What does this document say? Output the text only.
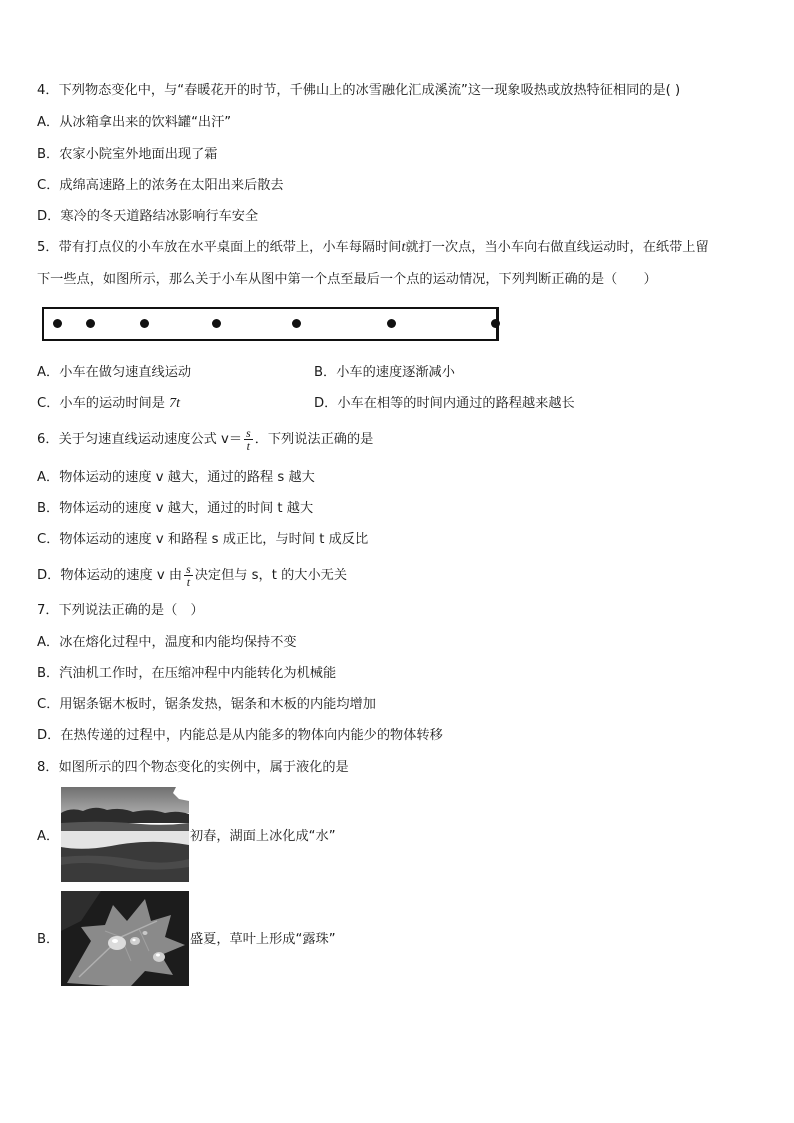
4．下列物态变化中，与“春暖花开的时节，千佛山上的冰雪融化汇成溪流”这一现象吸热或放热特征相同的是( )
A．从冰箱拿出来的饮料罐“出汗”
B．农家小院室外地面出现了霜
C．成绵高速路上的浓务在太阳出来后散去
D．寒冷的冬天道路结冰影响行车安全
5．带有打点仪的小车放在水平桌面上的纸带上，小车每隔时间t就打一次点，当小车向右做直线运动时，在纸带上留
下一些点，如图所示，那么关于小车从图中第一个点至最后一个点的运动情况，下列判断正确的是（　　）
A．小车在做匀速直线运动	B．小车的速度逐渐减小
C．小车的运动时间是 7t	D．小车在相等的时间内通过的路程越来越长
6．关于匀速直线运动速度公式 $v= \frac{s}{t}$ ．下列说法正确的是
A．物体运动的速度 v 越大，通过的路程 s 越大
B．物体运动的速度 v 越大，通过的时间 t 越大
C．物体运动的速度 v 和路程 s 成正比，与时间 t 成反比
D．物体运动的速度 v 由 $\frac{s}{t}$ 决定但与 s，t 的大小无关
7．下列说法正确的是（　）
A．冰在熔化过程中，温度和内能均保持不变
B．汽油机工作时，在压缩冲程中内能转化为机械能
C．用锯条锯木板时，锯条发热，锯条和木板的内能均增加
D．在热传递的过程中，内能总是从内能多的物体向内能少的物体转移
8．如图所示的四个物态变化的实例中，属于液化的是
A．	初春，湖面上冰化成“水”
B．	盛夏，草叶上形成“露珠”
